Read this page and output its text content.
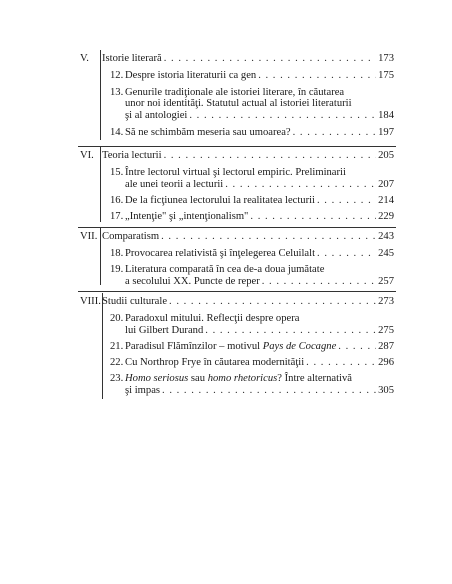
V.	Istorie literară . . .	173
12. Despre istoria literaturii ca gen . . .	175
13. Genurile tradiţionale ale istoriei literare, în căutarea
unor noi identităţi. Statutul actual al istoriei literaturii
şi al antologiei . . .	184
14. Să ne schimbăm meseria sau umoarea? . . .	197
VI. Teoria lecturii . . .	205
15. Între lectorul virtual şi lectorul empiric. Preliminarii
ale unei teorii a lecturii . . .	207
16. De la ficţiunea lectorului la realitatea lecturii . . .	214
17. „Intenţie" şi „intenţionalism" . . .	229
VII. Comparatism . . .	243
18. Provocarea relativistă şi înţelegerea Celuilalt . . .	245
19. Literatura comparată în cea de-a doua jumătate
a secolului XX. Puncte de reper . . .	257
VIII. Studii culturale . . .	273
20. Paradoxul mitului. Reflecţii despre opera
lui Gilbert Durand . . .	275
21. Paradisul Flămînzilor – motivul Pays de Cocagne . . .	287
22. Cu Northrop Frye în căutarea modernităţii . . .	296
23. Homo seriosus sau homo rhetoricus? Între alternativă
şi impas . . .	305
